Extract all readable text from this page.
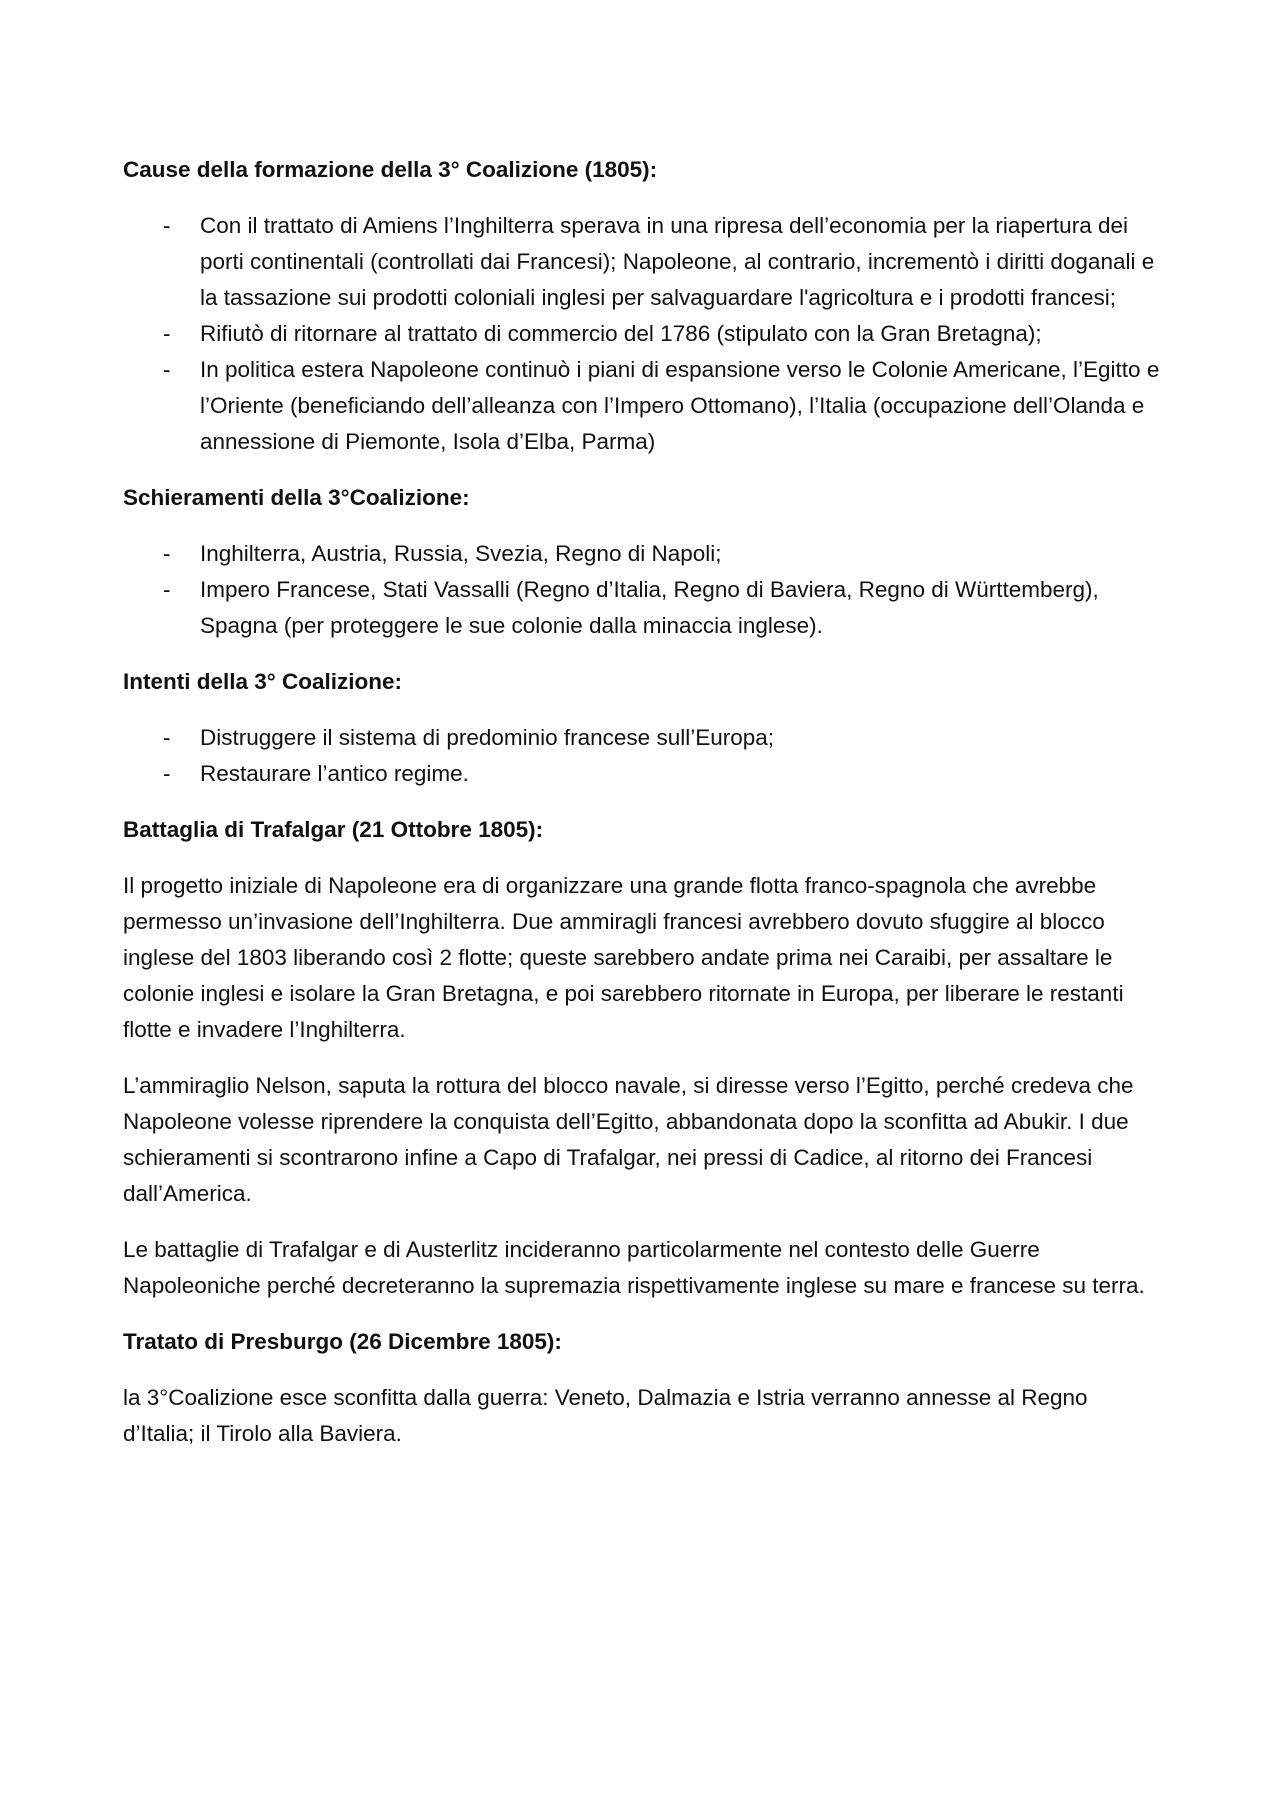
Cause della formazione della 3° Coalizione (1805):
- Con il trattato di Amiens l’Inghilterra sperava in una ripresa dell’economia per la riapertura dei porti continentali (controllati dai Francesi); Napoleone, al contrario, incrementò i diritti doganali e la tassazione sui prodotti coloniali inglesi per salvaguardare l'agricoltura e i prodotti francesi;
- Rifiutò di ritornare al trattato di commercio del 1786 (stipulato con la Gran Bretagna);
- In politica estera Napoleone continuò i piani di espansione verso le Colonie Americane, l’Egitto e l’Oriente (beneficiando dell’alleanza con l’Impero Ottomano), l’Italia (occupazione dell’Olanda e annessione di Piemonte, Isola d’Elba, Parma)
Schieramenti della 3°Coalizione:
- Inghilterra, Austria, Russia, Svezia, Regno di Napoli;
- Impero Francese, Stati Vassalli (Regno d’Italia, Regno di Baviera, Regno di Württemberg), Spagna (per proteggere le sue colonie dalla minaccia inglese).
Intenti della 3° Coalizione:
- Distruggere il sistema di predominio francese sull’Europa;
- Restaurare l’antico regime.
Battaglia di Trafalgar (21 Ottobre 1805):

Il progetto iniziale di Napoleone era di organizzare una grande flotta franco-spagnola che avrebbe permesso un’invasione dell’Inghilterra. Due ammiragli francesi avrebbero dovuto sfuggire al blocco inglese del 1803 liberando così 2 flotte; queste sarebbero andate prima nei Caraibi, per assaltare le colonie inglesi e isolare la Gran Bretagna, e poi sarebbero ritornate in Europa, per liberare le restanti flotte e invadere l’Inghilterra.

L’ammiraglio Nelson, saputa la rottura del blocco navale, si diresse verso l’Egitto, perché credeva che Napoleone volesse riprendere la conquista dell’Egitto, abbandonata dopo la sconfitta ad Abukir. I due schieramenti si scontrarono infine a Capo di Trafalgar, nei pressi di Cadice, al ritorno dei Francesi dall’America.

Le battaglie di Trafalgar e di Austerlitz incideranno particolarmente nel contesto delle Guerre Napoleoniche perché decreteranno la supremazia rispettivamente inglese su mare e francese su terra.

Tratato di Presburgo (26 Dicembre 1805):

la 3°Coalizione esce sconfitta dalla guerra: Veneto, Dalmazia e Istria verranno annesse al Regno d’Italia; il Tirolo alla Baviera.
